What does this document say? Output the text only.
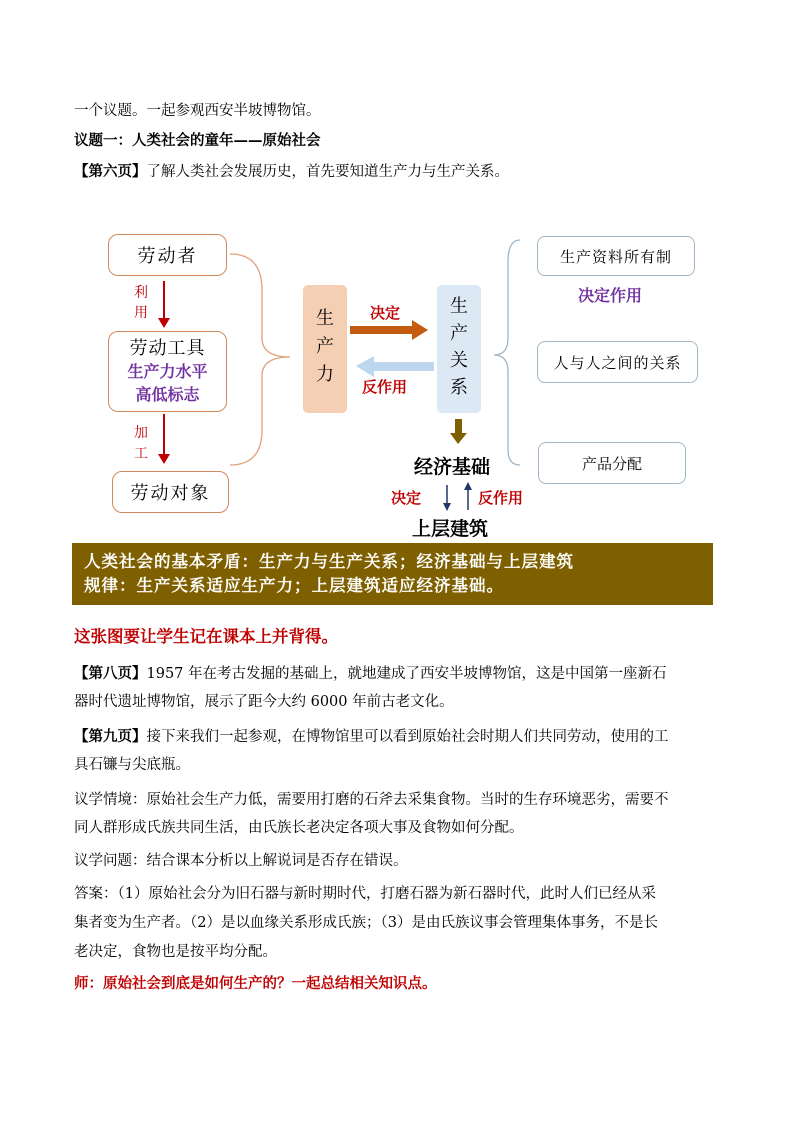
一个议题。一起参观西安半坡博物馆。
议题一：人类社会的童年——原始社会
【第六页】了解人类社会发展历史，首先要知道生产力与生产关系。
劳动者
利
用
劳动工具
生产力水平
高低标志
加
工
劳动对象
生
产
力
决定
反作用
生
产
关
系
生产资料所有制
决定作用
人与人之间的关系
产品分配
经济基础
决定	反作用
上层建筑
人类社会的基本矛盾：生产力与生产关系；经济基础与上层建筑
规律：生产关系适应生产力；上层建筑适应经济基础。
这张图要让学生记在课本上并背得。
【第八页】1957 年在考古发掘的基础上，就地建成了西安半坡博物馆，这是中国第一座新石
器时代遗址博物馆，展示了距今大约 6000 年前古老文化。
【第九页】接下来我们一起参观，在博物馆里可以看到原始社会时期人们共同劳动，使用的工
具石镰与尖底瓶。
议学情境：原始社会生产力低，需要用打磨的石斧去采集食物。当时的生存环境恶劣，需要不
同人群形成氏族共同生活，由氏族长老决定各项大事及食物如何分配。
议学问题：结合课本分析以上解说词是否存在错误。
答案：（1）原始社会分为旧石器与新时期时代，打磨石器为新石器时代，此时人们已经从采
集者变为生产者。（2）是以血缘关系形成氏族；（3）是由氏族议事会管理集体事务，不是长
老决定，食物也是按平均分配。
师：原始社会到底是如何生产的？一起总结相关知识点。
